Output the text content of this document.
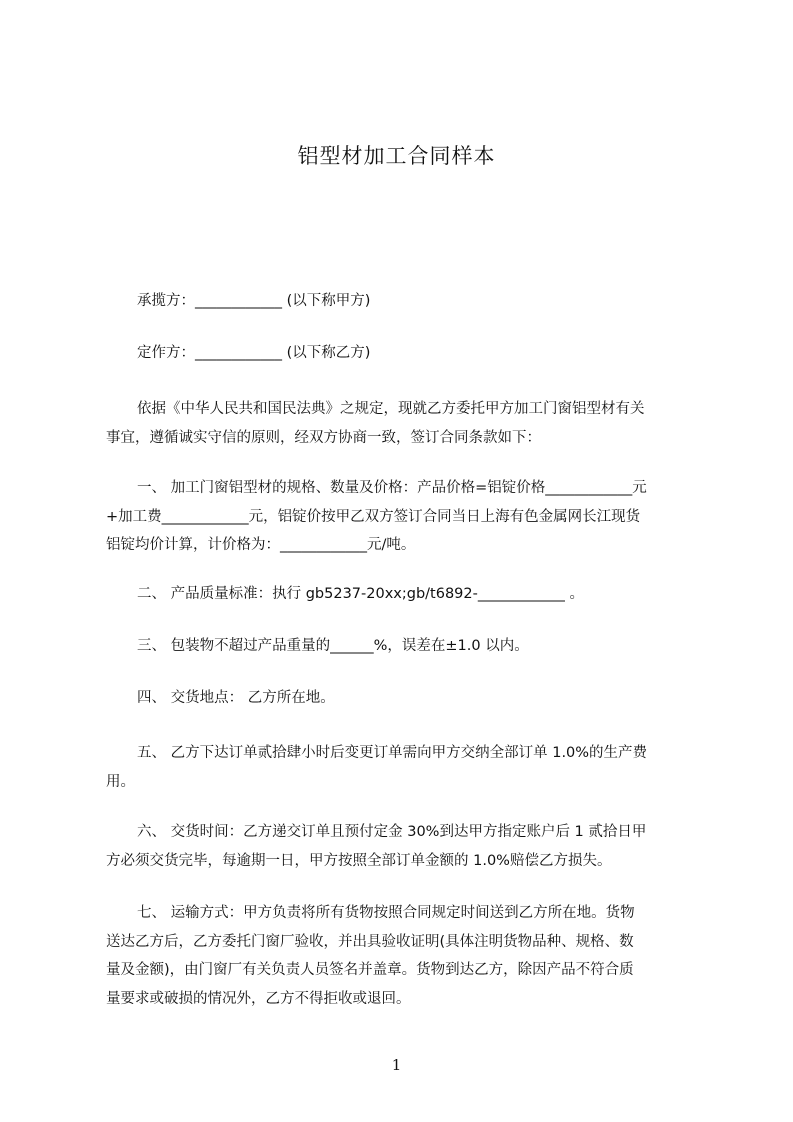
铝型材加工合同样本

承揽方：____________ (以下称甲方)

定作方：____________ (以下称乙方)

依据《中华人民共和国民法典》之规定，现就乙方委托甲方加工门窗铝型材有关
事宜，遵循诚实守信的原则，经双方协商一致，签订合同条款如下：

一、 加工门窗铝型材的规格、数量及价格：产品价格=铝锭价格____________元
+加工费____________元，铝锭价按甲乙双方签订合同当日上海有色金属网长江现货
铝锭均价计算，计价格为：____________元/吨。

二、 产品质量标准：执行 gb5237-20xx;gb/t6892-____________ 。

三、 包装物不超过产品重量的______%，误差在±1.0 以内。

四、 交货地点： 乙方所在地。

五、 乙方下达订单贰拾肆小时后变更订单需向甲方交纳全部订单 1.0%的生产费
用。

六、 交货时间：乙方递交订单且预付定金 30%到达甲方指定账户后 1 贰拾日甲
方必须交货完毕，每逾期一日，甲方按照全部订单金额的 1.0%赔偿乙方损失。

七、 运输方式：甲方负责将所有货物按照合同规定时间送到乙方所在地。货物
送达乙方后，乙方委托门窗厂验收，并出具验收证明(具体注明货物品种、规格、数
量及金额)，由门窗厂有关负责人员签名并盖章。货物到达乙方，除因产品不符合质
量要求或破损的情况外，乙方不得拒收或退回。

1
